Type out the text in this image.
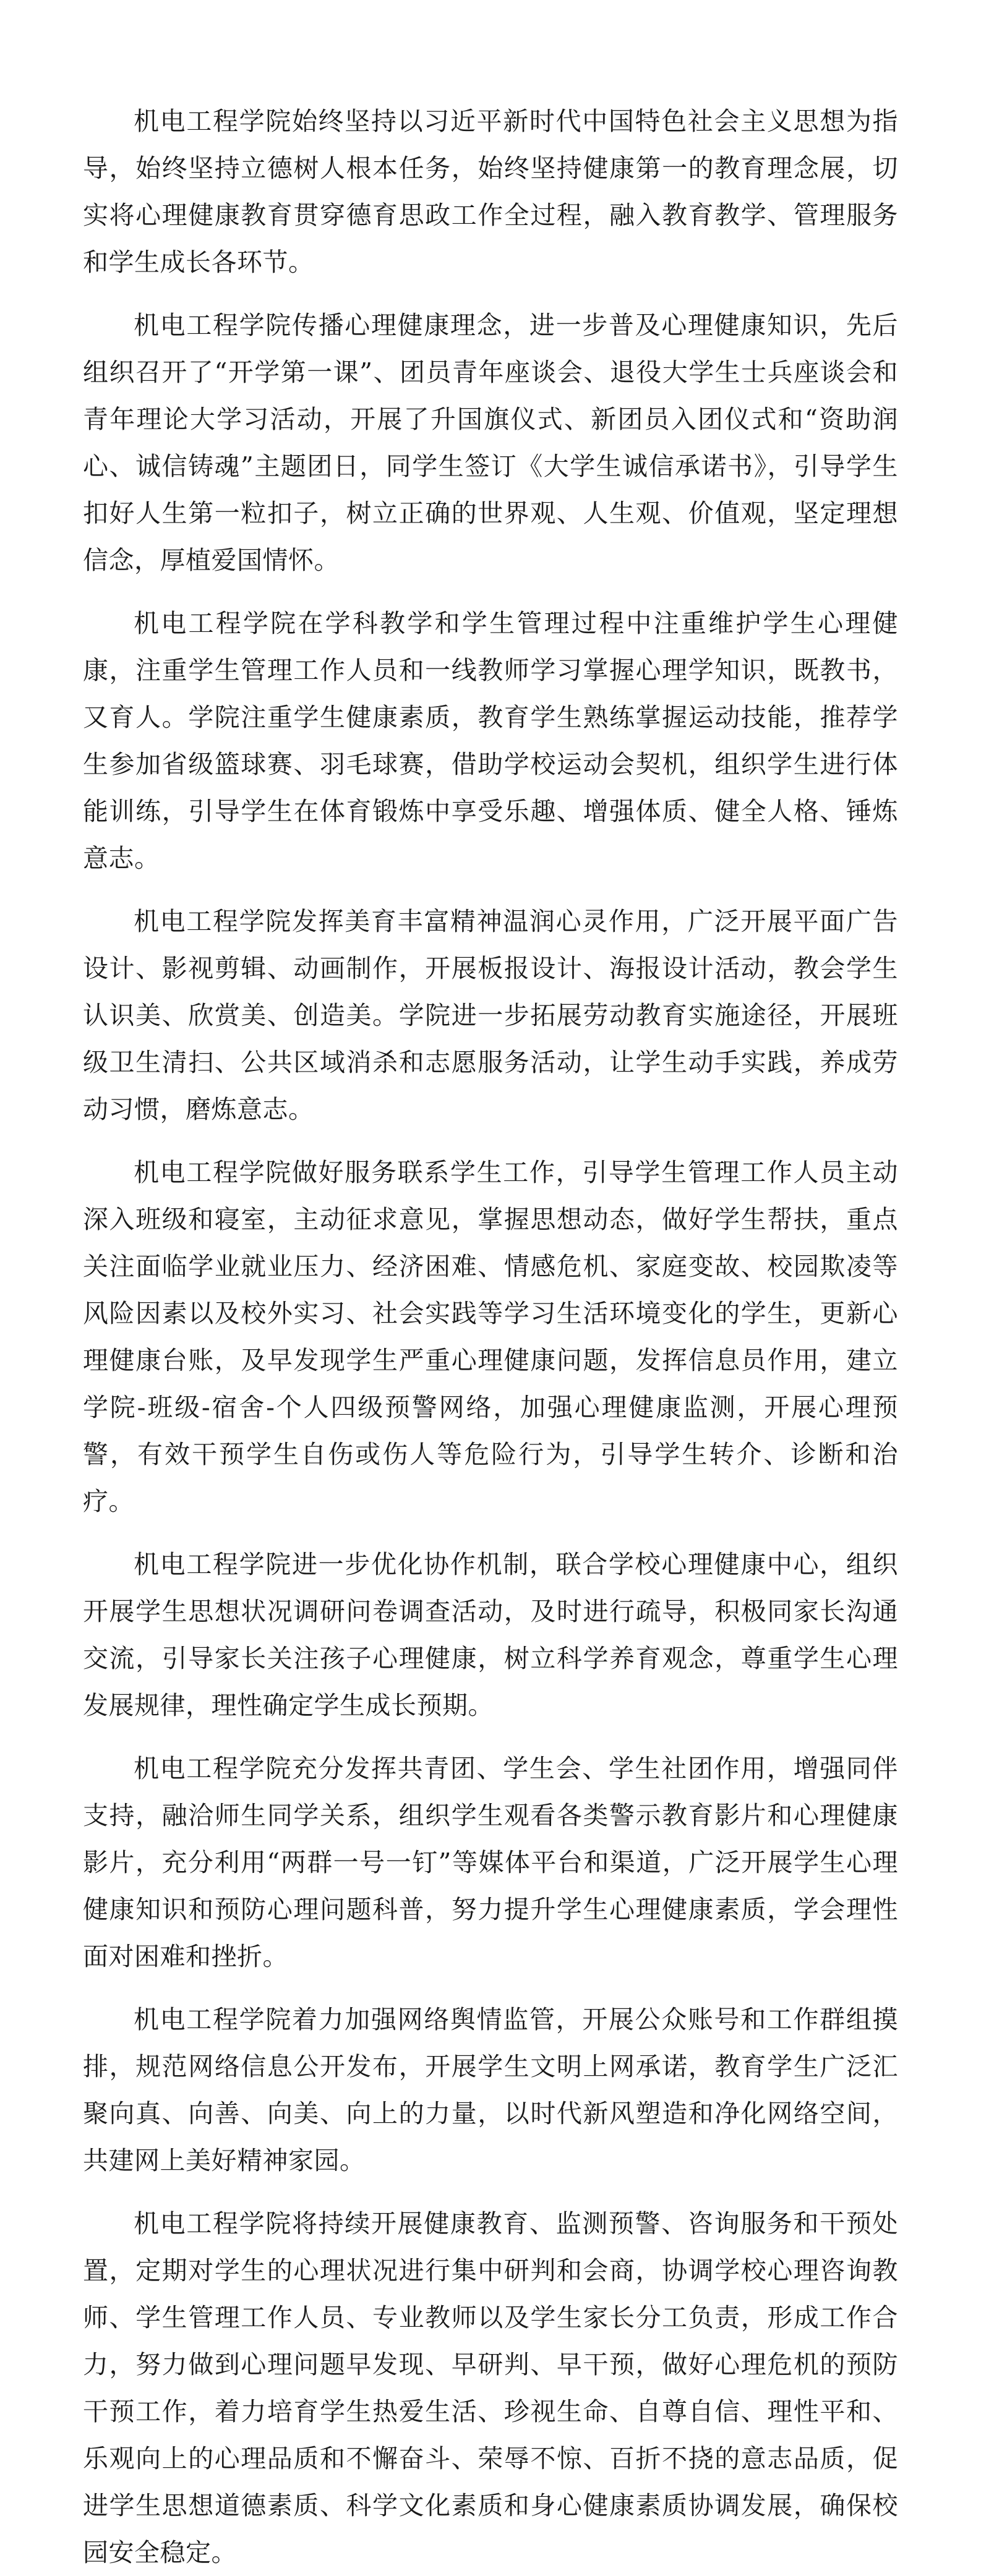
机电工程学院始终坚持以习近平新时代中国特色社会主义思想为指导，始终坚持立德树人根本任务，始终坚持健康第一的教育理念展，切实将心理健康教育贯穿德育思政工作全过程，融入教育教学、管理服务和学生成长各环节。

机电工程学院传播心理健康理念，进一步普及心理健康知识，先后组织召开了“开学第一课”、团员青年座谈会、退役大学生士兵座谈会和青年理论大学习活动，开展了升国旗仪式、新团员入团仪式和“资助润心、诚信铸魂”主题团日，同学生签订《大学生诚信承诺书》，引导学生扣好人生第一粒扣子，树立正确的世界观、人生观、价值观，坚定理想信念，厚植爱国情怀。

机电工程学院在学科教学和学生管理过程中注重维护学生心理健康，注重学生管理工作人员和一线教师学习掌握心理学知识，既教书，又育人。学院注重学生健康素质，教育学生熟练掌握运动技能，推荐学生参加省级篮球赛、羽毛球赛，借助学校运动会契机，组织学生进行体能训练，引导学生在体育锻炼中享受乐趣、增强体质、健全人格、锤炼意志。

机电工程学院发挥美育丰富精神温润心灵作用，广泛开展平面广告设计、影视剪辑、动画制作，开展板报设计、海报设计活动，教会学生认识美、欣赏美、创造美。学院进一步拓展劳动教育实施途径，开展班级卫生清扫、公共区域消杀和志愿服务活动，让学生动手实践，养成劳动习惯，磨炼意志。

机电工程学院做好服务联系学生工作，引导学生管理工作人员主动深入班级和寝室，主动征求意见，掌握思想动态，做好学生帮扶，重点关注面临学业就业压力、经济困难、情感危机、家庭变故、校园欺凌等风险因素以及校外实习、社会实践等学习生活环境变化的学生，更新心理健康台账，及早发现学生严重心理健康问题，发挥信息员作用，建立学院-班级-宿舍-个人四级预警网络，加强心理健康监测，开展心理预警，有效干预学生自伤或伤人等危险行为，引导学生转介、诊断和治疗。

机电工程学院进一步优化协作机制，联合学校心理健康中心，组织开展学生思想状况调研问卷调查活动，及时进行疏导，积极同家长沟通交流，引导家长关注孩子心理健康，树立科学养育观念，尊重学生心理发展规律，理性确定学生成长预期。

机电工程学院充分发挥共青团、学生会、学生社团作用，增强同伴支持，融洽师生同学关系，组织学生观看各类警示教育影片和心理健康影片，充分利用“两群一号一钉”等媒体平台和渠道，广泛开展学生心理健康知识和预防心理问题科普，努力提升学生心理健康素质，学会理性面对困难和挫折。

机电工程学院着力加强网络舆情监管，开展公众账号和工作群组摸排，规范网络信息公开发布，开展学生文明上网承诺，教育学生广泛汇聚向真、向善、向美、向上的力量，以时代新风塑造和净化网络空间，共建网上美好精神家园。

机电工程学院将持续开展健康教育、监测预警、咨询服务和干预处置，定期对学生的心理状况进行集中研判和会商，协调学校心理咨询教师、学生管理工作人员、专业教师以及学生家长分工负责，形成工作合力，努力做到心理问题早发现、早研判、早干预，做好心理危机的预防干预工作，着力培育学生热爱生活、珍视生命、自尊自信、理性平和、乐观向上的心理品质和不懈奋斗、荣辱不惊、百折不挠的意志品质，促进学生思想道德素质、科学文化素质和身心健康素质协调发展，确保校园安全稳定。
